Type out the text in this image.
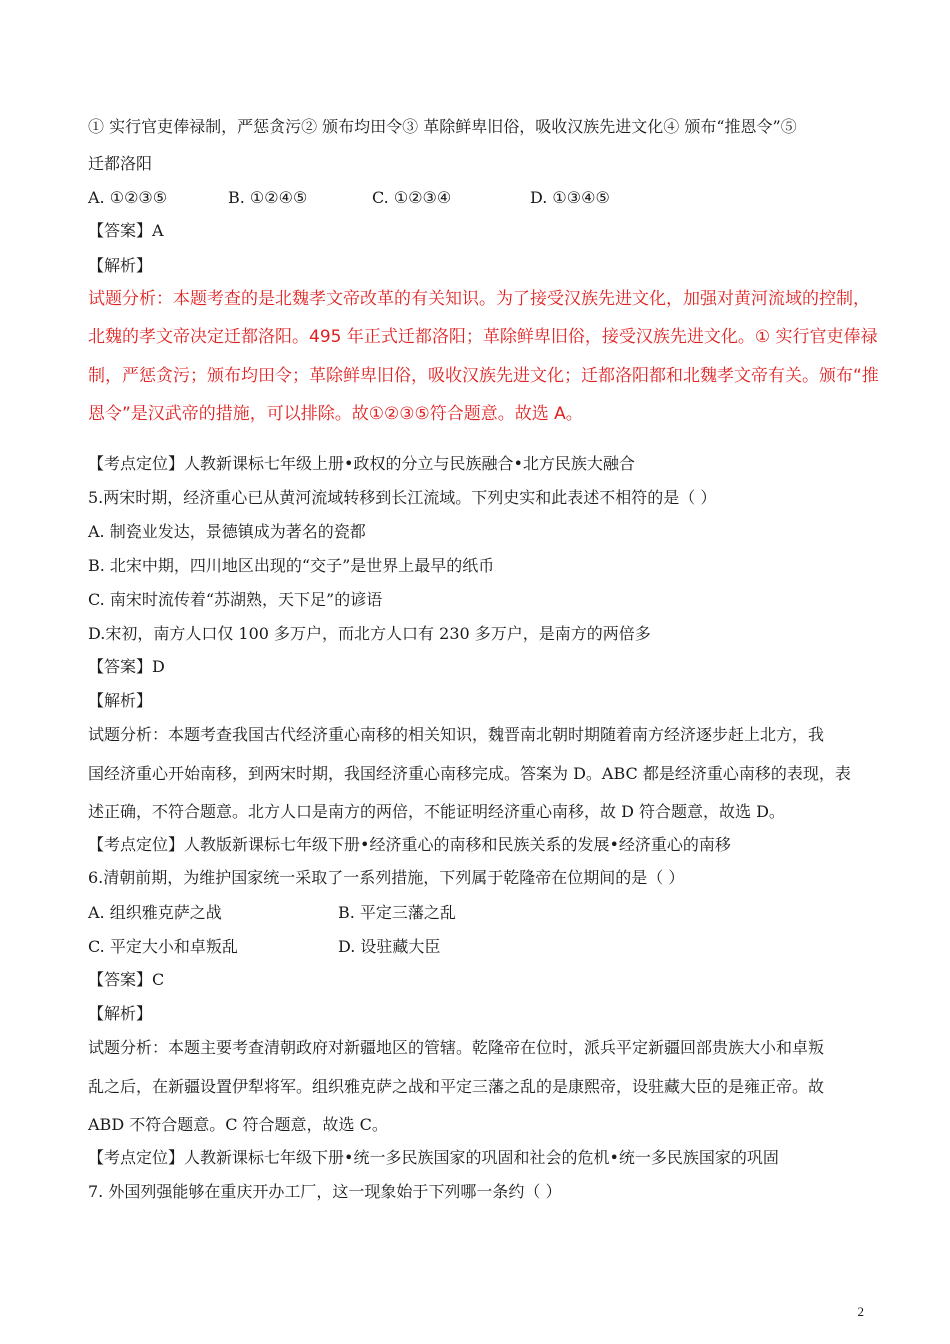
① 实行官吏俸禄制，严惩贪污② 颁布均田令③ 革除鲜卑旧俗，吸收汉族先进文化④ 颁布“推恩令”⑤
迁都洛阳
A. ①②③⑤	B. ①②④⑤	C. ①②③④	D. ①③④⑤
【答案】A
【解析】
试题分析：本题考查的是北魏孝文帝改革的有关知识。为了接受汉族先进文化，加强对黄河流域的控制，
北魏的孝文帝决定迁都洛阳。495 年正式迁都洛阳；革除鲜卑旧俗，接受汉族先进文化。① 实行官吏俸禄
制，严惩贪污；颁布均田令；革除鲜卑旧俗，吸收汉族先进文化；迁都洛阳都和北魏孝文帝有关。颁布“推
恩令”是汉武帝的措施，可以排除。故①②③⑤符合题意。故选 A。
【考点定位】人教新课标七年级上册•政权的分立与民族融合•北方民族大融合
5.两宋时期，经济重心已从黄河流域转移到长江流域。下列史实和此表述不相符的是（ ）
A. 制瓷业发达，景德镇成为著名的瓷都
B. 北宋中期，四川地区出现的“交子”是世界上最早的纸币
C. 南宋时流传着“苏湖熟，天下足”的谚语
D.宋初，南方人口仅 100 多万户，而北方人口有 230 多万户，是南方的两倍多
【答案】D
【解析】
试题分析：本题考查我国古代经济重心南移的相关知识，魏晋南北朝时期随着南方经济逐步赶上北方，我
国经济重心开始南移，到两宋时期，我国经济重心南移完成。答案为 D。ABC 都是经济重心南移的表现，表
述正确，不符合题意。北方人口是南方的两倍，不能证明经济重心南移，故 D 符合题意，故选 D。
【考点定位】人教版新课标七年级下册•经济重心的南移和民族关系的发展•经济重心的南移
6.清朝前期，为维护国家统一采取了一系列措施，下列属于乾隆帝在位期间的是（ ）
A. 组织雅克萨之战	B. 平定三藩之乱
C. 平定大小和卓叛乱	D. 设驻藏大臣
【答案】C
【解析】
试题分析：本题主要考查清朝政府对新疆地区的管辖。乾隆帝在位时，派兵平定新疆回部贵族大小和卓叛
乱之后，在新疆设置伊犁将军。组织雅克萨之战和平定三藩之乱的是康熙帝，设驻藏大臣的是雍正帝。故
ABD 不符合题意。C 符合题意，故选 C。
【考点定位】人教新课标七年级下册•统一多民族国家的巩固和社会的危机•统一多民族国家的巩固
7. 外国列强能够在重庆开办工厂，这一现象始于下列哪一条约（ ）
2
